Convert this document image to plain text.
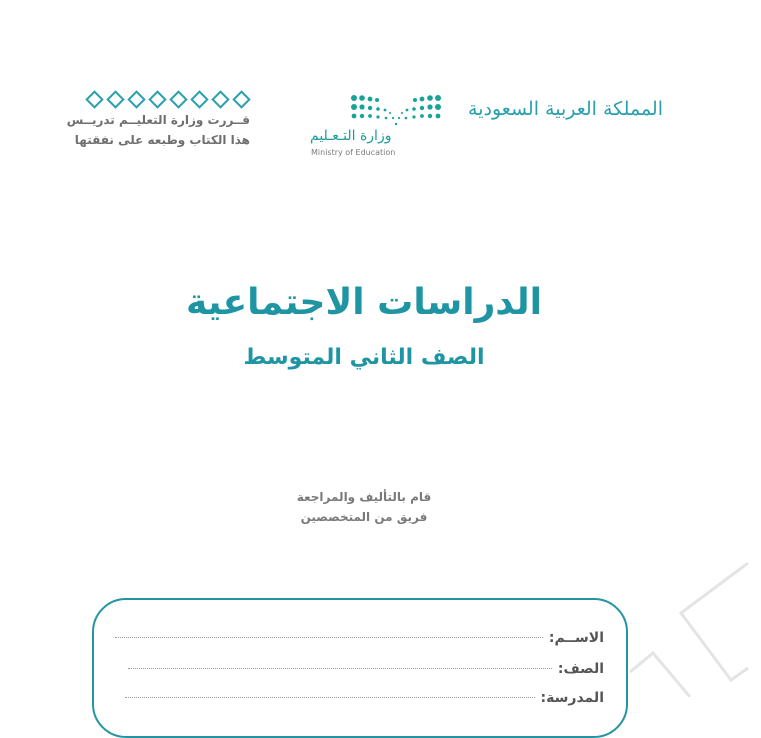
قــررت وزارة التعليــم تدريــس
هذا الكتاب وطبعه على نفقتها	وزارة التـعـليم
Ministry of Education
المملكة العربية السعودية
الدراسات الاجتماعية
الصف الثاني المتوسط
قام بالتأليف والمراجعة
فريق من المتخصصين
الاســم:
الصف:
المدرسة:
